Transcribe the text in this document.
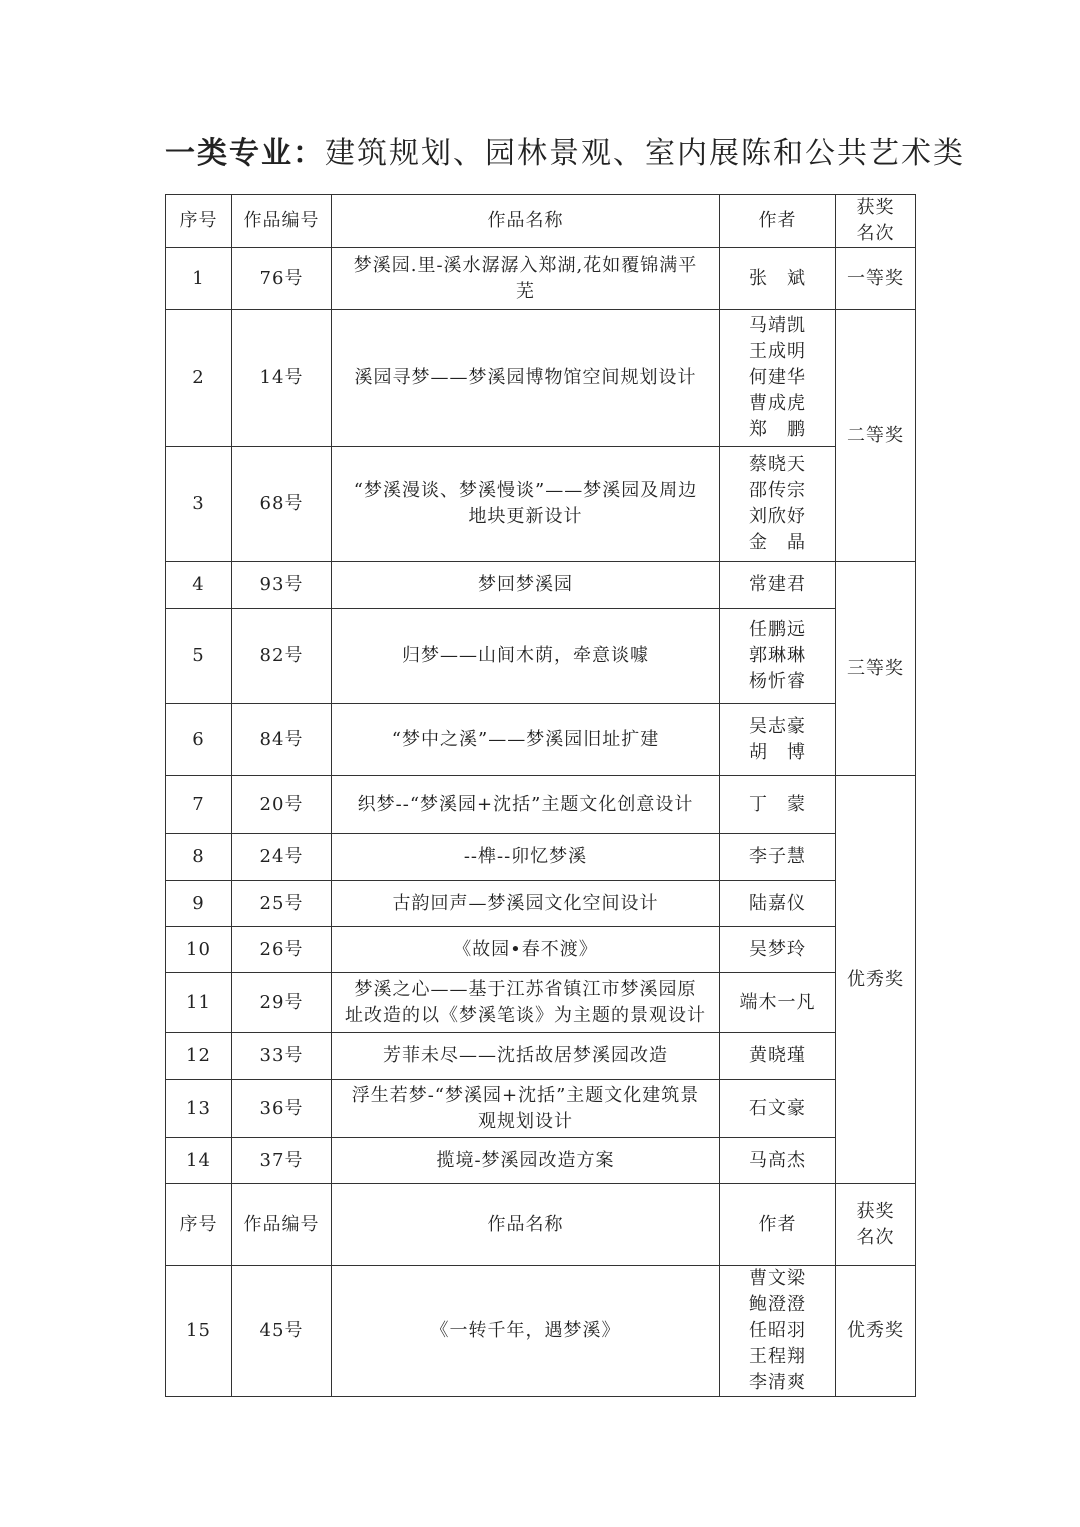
一类专业：建筑规划、园林景观、室内展陈和公共艺术类
序号	作品编号	作品名称	作者	获奖
名次
1	76号	梦溪园.里-溪水潺潺入郑湖,花如覆锦满平
芜	张　斌	一等奖
2	14号	溪园寻梦——梦溪园博物馆空间规划设计	马靖凯
王成明
何建华
曹成虎
郑　鹏	二等奖
3	68号	“梦溪漫谈、梦溪慢谈”——梦溪园及周边
地块更新设计	蔡晓天
邵传宗
刘欣妤
金　晶	
4	93号	梦回梦溪园	常建君	三等奖
5	82号	归梦——山间木荫，牵意谈噱	任鹏远
郭琳琳
杨忻睿	
6	84号	“梦中之溪”——梦溪园旧址扩建	吴志豪
胡　博	
7	20号	织梦--“梦溪园+沈括”主题文化创意设计	丁　蒙	优秀奖
8	24号	--榫--卯忆梦溪	李子慧	
9	25号	古韵回声—梦溪园文化空间设计	陆嘉仪	
10	26号	《故园•春不渡》	吴梦玲	
11	29号	梦溪之心——基于江苏省镇江市梦溪园原
址改造的以《梦溪笔谈》为主题的景观设计	端木一凡	
12	33号	芳菲未尽——沈括故居梦溪园改造	黄晓瑾	
13	36号	浮生若梦-“梦溪园+沈括”主题文化建筑景
观规划设计	石文豪	
14	37号	揽境-梦溪园改造方案	马高杰	
序号	作品编号	作品名称	作者	获奖
名次
15	45号	《一转千年，遇梦溪》	曹文梁
鲍澄澄
任昭羽
王程翔
李清爽	优秀奖
